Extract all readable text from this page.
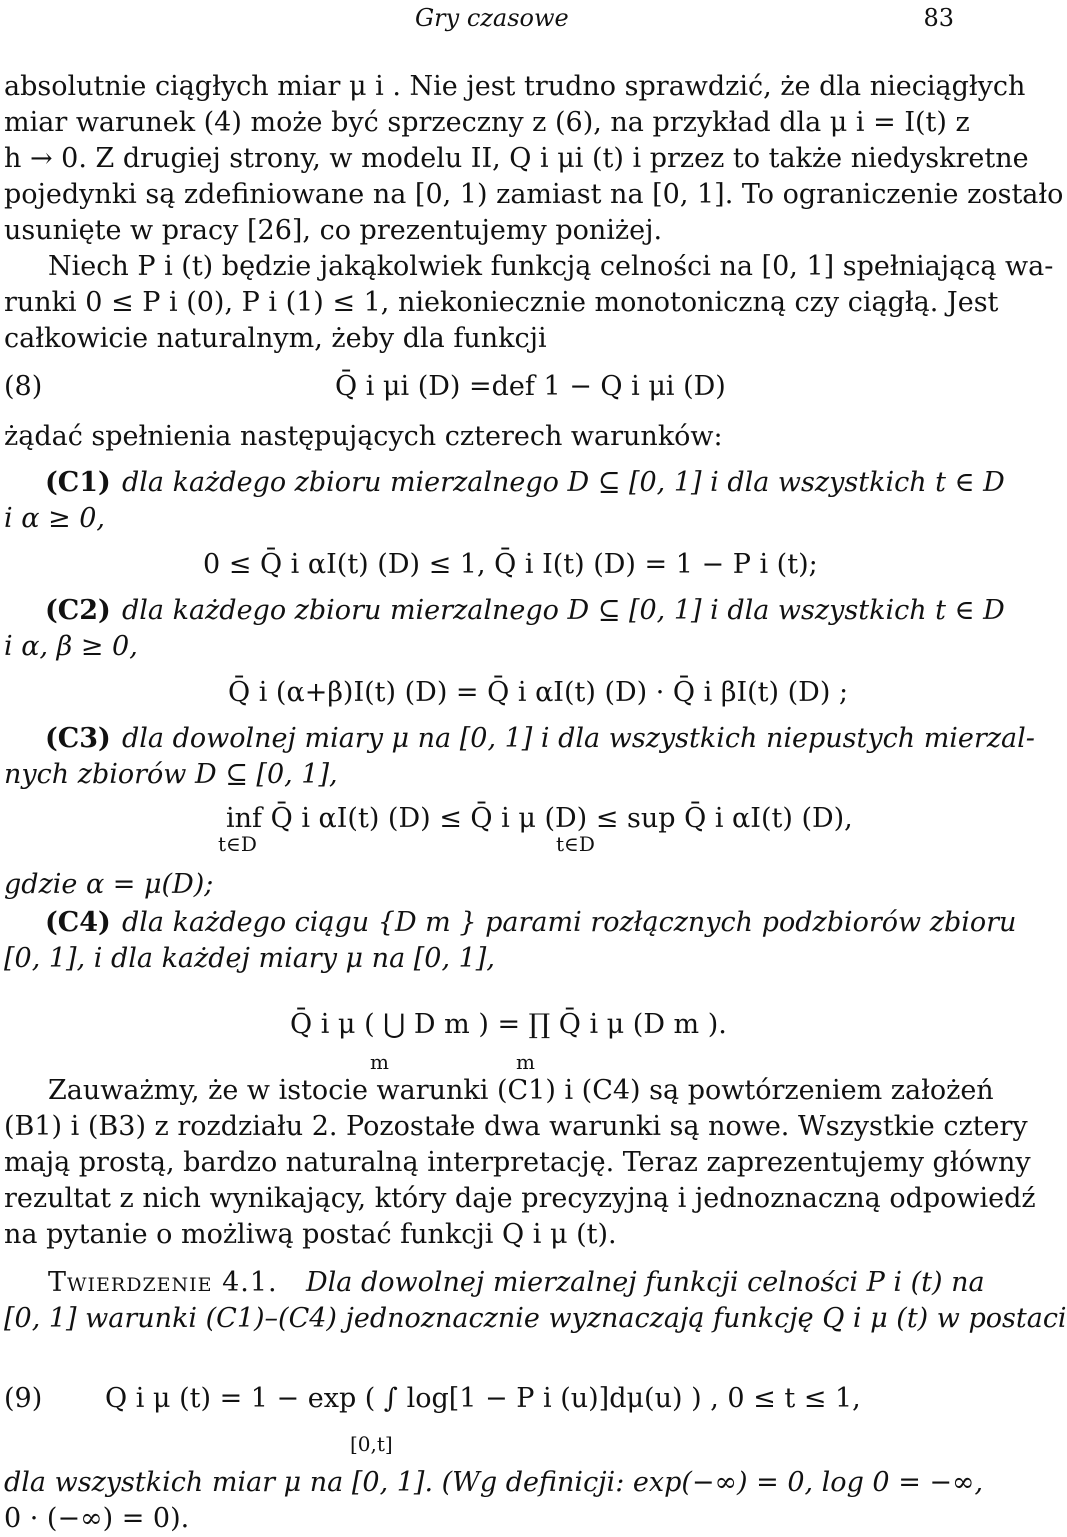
Gry czasowe	83
absolutnie ciągłych miar μ i . Nie jest trudno sprawdzić, że dla nieciągłych
miar warunek (4) może być sprzeczny z (6), na przykład dla μ i = I(t) z
h → 0. Z drugiej strony, w modelu II, Q i μi (t) i przez to także niedyskretne
pojedynki są zdefiniowane na [0, 1) zamiast na [0, 1]. To ograniczenie zostało
usunięte w pracy [26], co prezentujemy poniżej.
Niech P i (t) będzie jakąkolwiek funkcją celności na [0, 1] spełniającą wa-
runki 0 ≤ P i (0), P i (1) ≤ 1, niekoniecznie monotoniczną czy ciągłą. Jest
całkowicie naturalnym, żeby dla funkcji
(8)	Q̄ i μi (D) =def 1 − Q i μi (D)
żądać spełnienia następujących czterech warunków:
(C1) dla każdego zbioru mierzalnego D ⊆ [0, 1] i dla wszystkich t ∈ D
i α ≥ 0,
0 ≤ Q̄ i αI(t) (D) ≤ 1, Q̄ i I(t) (D) = 1 − P i (t);
(C2) dla każdego zbioru mierzalnego D ⊆ [0, 1] i dla wszystkich t ∈ D
i α, β ≥ 0,
Q̄ i (α+β)I(t) (D) = Q̄ i αI(t) (D) · Q̄ i βI(t) (D) ;
(C3) dla dowolnej miary μ na [0, 1] i dla wszystkich niepustych mierzal-
nych zbiorów D ⊆ [0, 1],
inf Q̄ i αI(t) (D) ≤ Q̄ i μ (D) ≤ sup Q̄ i αI(t) (D),
t∈D	t∈D
gdzie α = μ(D);
(C4) dla każdego ciągu {D m } parami rozłącznych podzbiorów zbioru
[0, 1], i dla każdej miary μ na [0, 1],
Q̄ i μ ( ⋃ D m ) = ∏ Q̄ i μ (D m ).
m	m
Zauważmy, że w istocie warunki (C1) i (C4) są powtórzeniem założeń
(B1) i (B3) z rozdziału 2. Pozostałe dwa warunki są nowe. Wszystkie cztery
mają prostą, bardzo naturalną interpretację. Teraz zaprezentujemy główny
rezultat z nich wynikający, który daje precyzyjną i jednoznaczną odpowiedź
na pytanie o możliwą postać funkcji Q i μ (t).
Twierdzenie 4.1. Dla dowolnej mierzalnej funkcji celności P i (t) na
[0, 1] warunki (C1)–(C4) jednoznacznie wyznaczają funkcję Q i μ (t) w postaci
(9) Q i μ (t) = 1 − exp ( ∫ log[1 − P i (u)]dμ(u) ) , 0 ≤ t ≤ 1,
[0,t]
dla wszystkich miar μ na [0, 1]. (Wg definicji: exp(−∞) = 0, log 0 = −∞,
0 · (−∞) = 0).
